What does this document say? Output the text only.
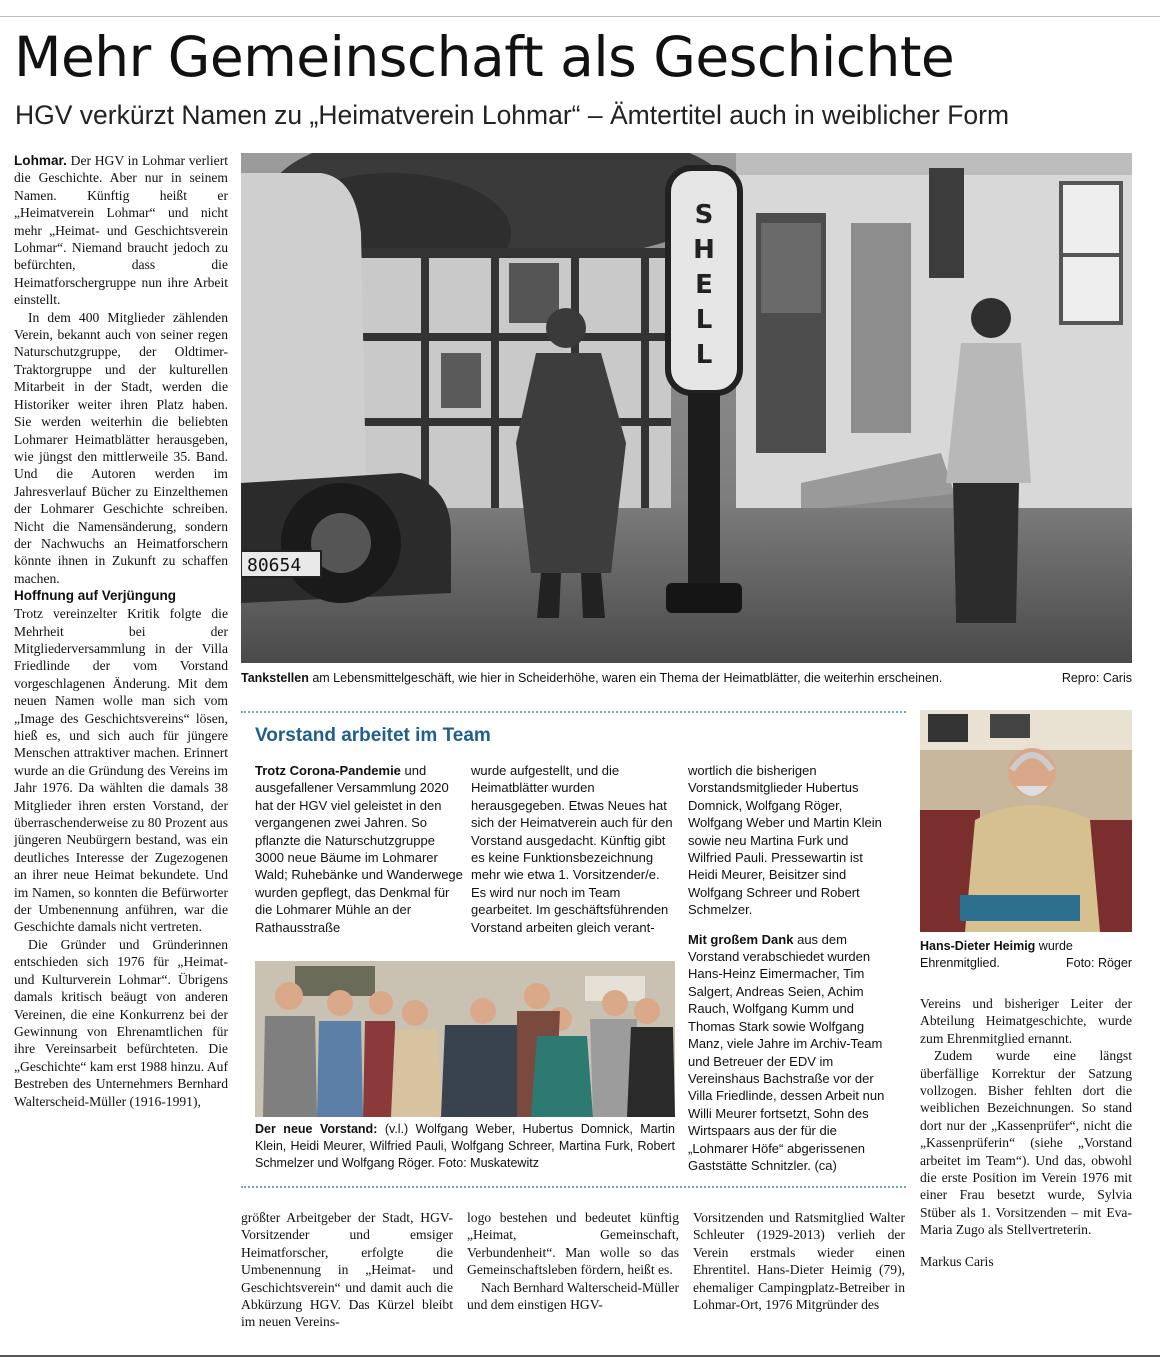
Mehr Gemeinschaft als Geschichte
HGV verkürzt Namen zu „Heimatverein Lohmar“ – Ämtertitel auch in weiblicher Form

Lohmar. Der HGV in Lohmar verliert die Geschichte. Aber nur in seinem Namen. Künftig heißt er „Heimatverein Lohmar“ und nicht mehr „Heimat- und Geschichtsverein Lohmar“. Niemand braucht jedoch zu befürchten, dass die Heimatforschergruppe nun ihre Arbeit einstellt.

In dem 400 Mitglieder zählenden Verein, bekannt auch von seiner regen Naturschutzgruppe, der Oldtimer-Traktorgruppe und der kulturellen Mitarbeit in der Stadt, werden die Historiker weiter ihren Platz haben. Sie werden weiterhin die beliebten Lohmarer Heimatblätter herausgeben, wie jüngst den mittlerweile 35. Band. Und die Autoren werden im Jahresverlauf Bücher zu Einzelthemen der Lohmarer Geschichte schreiben. Nicht die Namensänderung, sondern der Nachwuchs an Heimatforschern könnte ihnen in Zukunft zu schaffen machen.

Hoffnung auf Verjüngung

Trotz vereinzelter Kritik folgte die Mehrheit bei der Mitgliederversammlung in der Villa Friedlinde der vom Vorstand vorgeschlagenen Änderung. Mit dem neuen Namen wolle man sich vom „Image des Geschichtsvereins“ lösen, hieß es, und sich auch für jüngere Menschen attraktiver machen. Erinnert wurde an die Gründung des Vereins im Jahr 1976. Da wählten die damals 38 Mitglieder ihren ersten Vorstand, der überraschenderweise zu 80 Prozent aus jüngeren Neubürgern bestand, was ein deutliches Interesse der Zugezogenen an ihrer neue Heimat bekundete. Und im Namen, so konnten die Befürworter der Umbenennung anführen, war die Geschichte damals nicht vertreten.

Die Gründer und Gründerinnen entschieden sich 1976 für „Heimat- und Kulturverein Lohmar“. Übrigens damals kritisch beäugt von anderen Vereinen, die eine Konkurrenz bei der Gewinnung von Ehrenamtlichen für ihre Vereinsarbeit befürchteten. Die „Geschichte“ kam erst 1988 hinzu. Auf Bestreben des Unternehmers Bernhard Walterscheid-Müller (1916-1991),

80654
S
H
E
L
L
Tankstellen am Lebensmittelgeschäft, wie hier in Scheiderhöhe, waren ein Thema der Heimatblätter, die weiterhin erscheinen.	Repro: Caris
Vorstand arbeitet im Team

Trotz Corona-Pandemie und ausgefallener Versammlung 2020 hat der HGV viel geleistet in den vergangenen zwei Jahren. So pflanzte die Naturschutzgruppe 3000 neue Bäume im Lohmarer Wald; Ruhebänke und Wanderwege wurden gepflegt, das Denkmal für die Lohmarer Mühle an der Rathausstraße

wurde aufgestellt, und die Heimatblätter wurden herausgegeben. Etwas Neues hat sich der Heimatverein auch für den Vorstand ausgedacht. Künftig gibt es keine Funktionsbezeichnung mehr wie etwa 1. Vorsitzender/e. Es wird nur noch im Team gearbeitet. Im geschäftsführenden Vorstand arbeiten gleich verant-

wortlich die bisherigen Vorstandsmitglieder Hubertus Domnick, Wolfgang Röger, Wolfgang Weber und Martin Klein sowie neu Martina Furk und Wilfried Pauli. Pressewartin ist Heidi Meurer, Beisitzer sind Wolfgang Schreer und Robert Schmelzer.

Mit großem Dank aus dem Vorstand verabschiedet wurden Hans-Heinz Eimermacher, Tim Salgert, Andreas Seien, Achim Rauch, Wolfgang Kumm und Thomas Stark sowie Wolfgang Manz, viele Jahre im Archiv-Team und Betreuer der EDV im Vereinshaus Bachstraße vor der Villa Friedlinde, dessen Arbeit nun Willi Meurer fortsetzt, Sohn des Wirtspaars aus der für die „Lohmarer Höfe“ abgerissenen Gaststätte Schnitzler. (ca)

Der neue Vorstand: (v.l.) Wolfgang Weber, Hubertus Domnick, Martin Klein, Heidi Meurer, Wilfried Pauli, Wolfgang Schreer, Martina Furk, Robert Schmelzer und Wolfgang Röger. Foto: Muskatewitz
Hans-Dieter Heimig wurde Ehrenmitglied.	Foto: Röger

Vereins und bisheriger Leiter der Abteilung Heimatgeschichte, wurde zum Ehrenmitglied ernannt.

Zudem wurde eine längst überfällige Korrektur der Satzung vollzogen. Bisher fehlten dort die weiblichen Bezeichnungen. So stand dort nur der „Kassenprüfer“, nicht die „Kassenprüferin“ (siehe „Vorstand arbeitet im Team“). Und das, obwohl die erste Position im Verein 1976 mit einer Frau besetzt wurde, Sylvia Stüber als 1. Vorsitzenden – mit Eva-Maria Zugo als Stellvertreterin.

Markus Caris

größter Arbeitgeber der Stadt, HGV-Vorsitzender und emsiger Heimatforscher, erfolgte die Umbenennung in „Heimat- und Geschichtsverein“ und damit auch die Abkürzung HGV. Das Kürzel bleibt im neuen Vereins-

logo bestehen und bedeutet künftig „Heimat, Gemeinschaft, Verbundenheit“. Man wolle so das Gemeinschaftsleben fördern, heißt es.

Nach Bernhard Walterscheid-Müller und dem einstigen HGV-

Vorsitzenden und Ratsmitglied Walter Schleuter (1929-2013) verlieh der Verein erstmals wieder einen Ehrentitel. Hans-Dieter Heimig (79), ehemaliger Campingplatz-Betreiber in Lohmar-Ort, 1976 Mitgründer des
